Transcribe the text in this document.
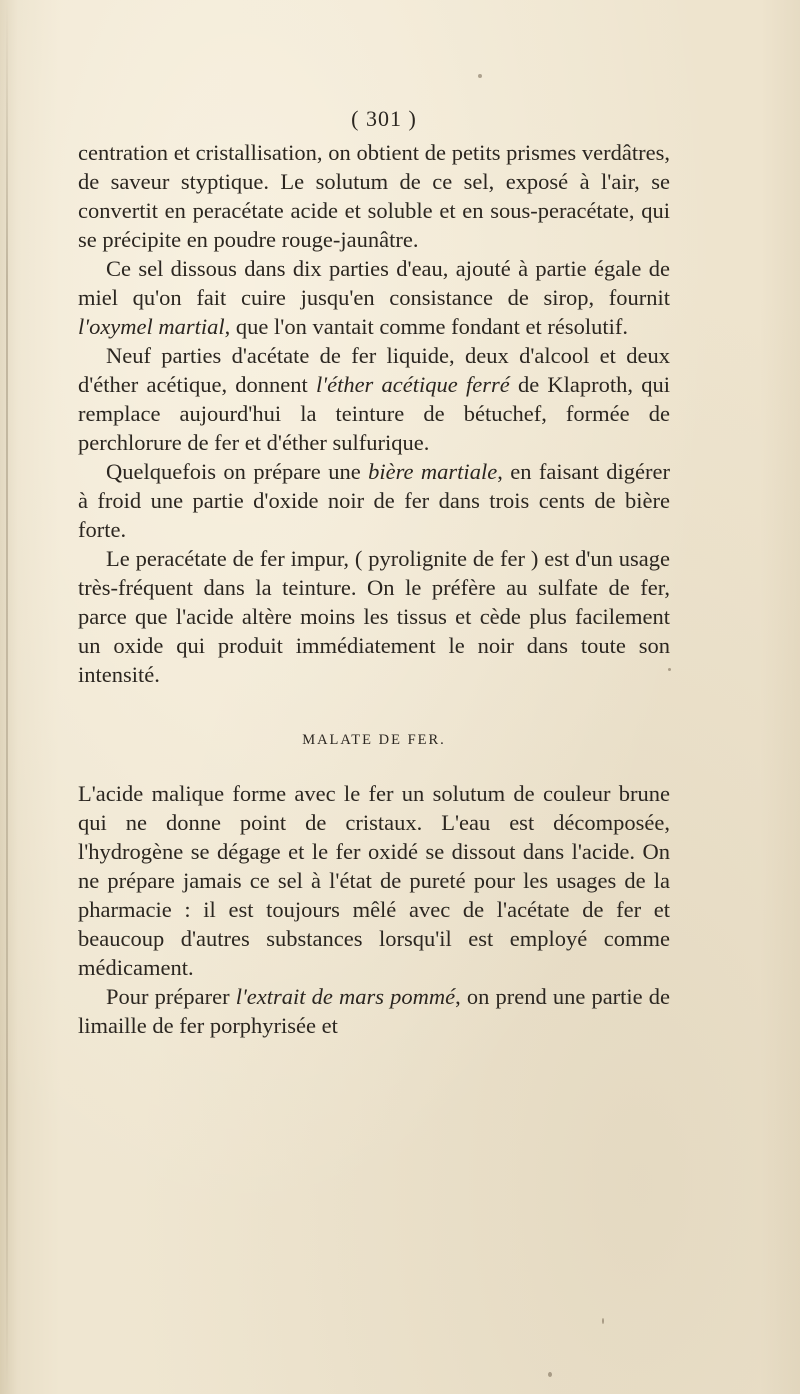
( 301 )

centration et cristallisation, on obtient de petits prismes verdâtres, de saveur styptique. Le solutum de ce sel, exposé à l'air, se convertit en peracétate acide et soluble et en sous-peracétate, qui se précipite en poudre rouge-jaunâtre.

Ce sel dissous dans dix parties d'eau, ajouté à partie égale de miel qu'on fait cuire jusqu'en consistance de sirop, fournit l'oxymel martial, que l'on vantait comme fondant et résolutif.

Neuf parties d'acétate de fer liquide, deux d'alcool et deux d'éther acétique, donnent l'éther acétique ferré de Klaproth, qui remplace aujourd'hui la teinture de bétuchef, formée de perchlorure de fer et d'éther sulfurique.

Quelquefois on prépare une bière martiale, en faisant digérer à froid une partie d'oxide noir de fer dans trois cents de bière forte.

Le peracétate de fer impur, ( pyrolignite de fer ) est d'un usage très-fréquent dans la teinture. On le préfère au sulfate de fer, parce que l'acide altère moins les tissus et cède plus facilement un oxide qui produit immédiatement le noir dans toute son intensité.

MALATE DE FER.

L'acide malique forme avec le fer un solutum de couleur brune qui ne donne point de cristaux. L'eau est décomposée, l'hydrogène se dégage et le fer oxidé se dissout dans l'acide. On ne prépare jamais ce sel à l'état de pureté pour les usages de la pharmacie : il est toujours mêlé avec de l'acétate de fer et beaucoup d'autres substances lorsqu'il est employé comme médicament.

Pour préparer l'extrait de mars pommé, on prend une partie de limaille de fer porphyrisée et
